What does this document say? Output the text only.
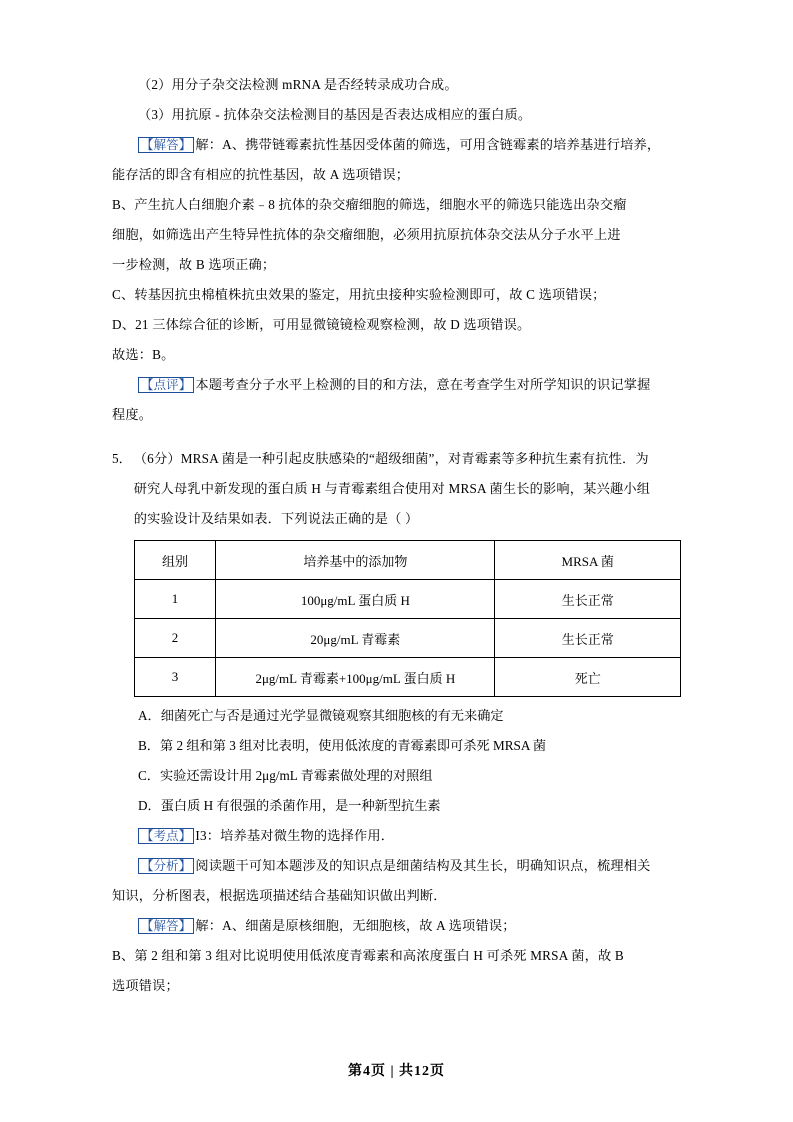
（2）用分子杂交法检测 mRNA 是否经转录成功合成。
（3）用抗原 - 抗体杂交法检测目的基因是否表达成相应的蛋白质。
【解答】 解：A、携带链霉素抗性基因受体菌的筛选，可用含链霉素的培养基进行培养，
能存活的即含有相应的抗性基因，故 A 选项错误；
B、产生抗人白细胞介素﹣8 抗体的杂交瘤细胞的筛选，细胞水平的筛选只能选出杂交瘤
细胞，如筛选出产生特异性抗体的杂交瘤细胞，必须用抗原抗体杂交法从分子水平上进
一步检测，故 B 选项正确；
C、转基因抗虫棉植株抗虫效果的鉴定，用抗虫接种实验检测即可，故 C 选项错误；
D、21 三体综合征的诊断，可用显微镜镜检观察检测，故 D 选项错误。
故选：B。
【点评】 本题考查分子水平上检测的目的和方法，意在考查学生对所学知识的识记掌握
程度。
5． （6分）MRSA 菌是一种引起皮肤感染的“超级细菌”，对青霉素等多种抗生素有抗性．为
研究人母乳中新发现的蛋白质 H 与青霉素组合使用对 MRSA 菌生长的影响，某兴趣小组
的实验设计及结果如表．下列说法正确的是（ ）
组别	培养基中的添加物	MRSA 菌
1	100μg/mL 蛋白质 H	生长正常
2	20μg/mL 青霉素	生长正常
3	2μg/mL 青霉素+100μg/mL 蛋白质 H	死亡
A．细菌死亡与否是通过光学显微镜观察其细胞核的有无来确定
B．第 2 组和第 3 组对比表明，使用低浓度的青霉素即可杀死 MRSA 菌
C．实验还需设计用 2μg/mL 青霉素做处理的对照组
D．蛋白质 H 有很强的杀菌作用，是一种新型抗生素
【考点】 I3：培养基对微生物的选择作用．
【分析】 阅读题干可知本题涉及的知识点是细菌结构及其生长，明确知识点，梳理相关
知识，分析图表，根据选项描述结合基础知识做出判断．
【解答】 解：A、细菌是原核细胞，无细胞核，故 A 选项错误；
B、第 2 组和第 3 组对比说明使用低浓度青霉素和高浓度蛋白 H 可杀死 MRSA 菌，故 B
选项错误；
第4页 | 共12页
